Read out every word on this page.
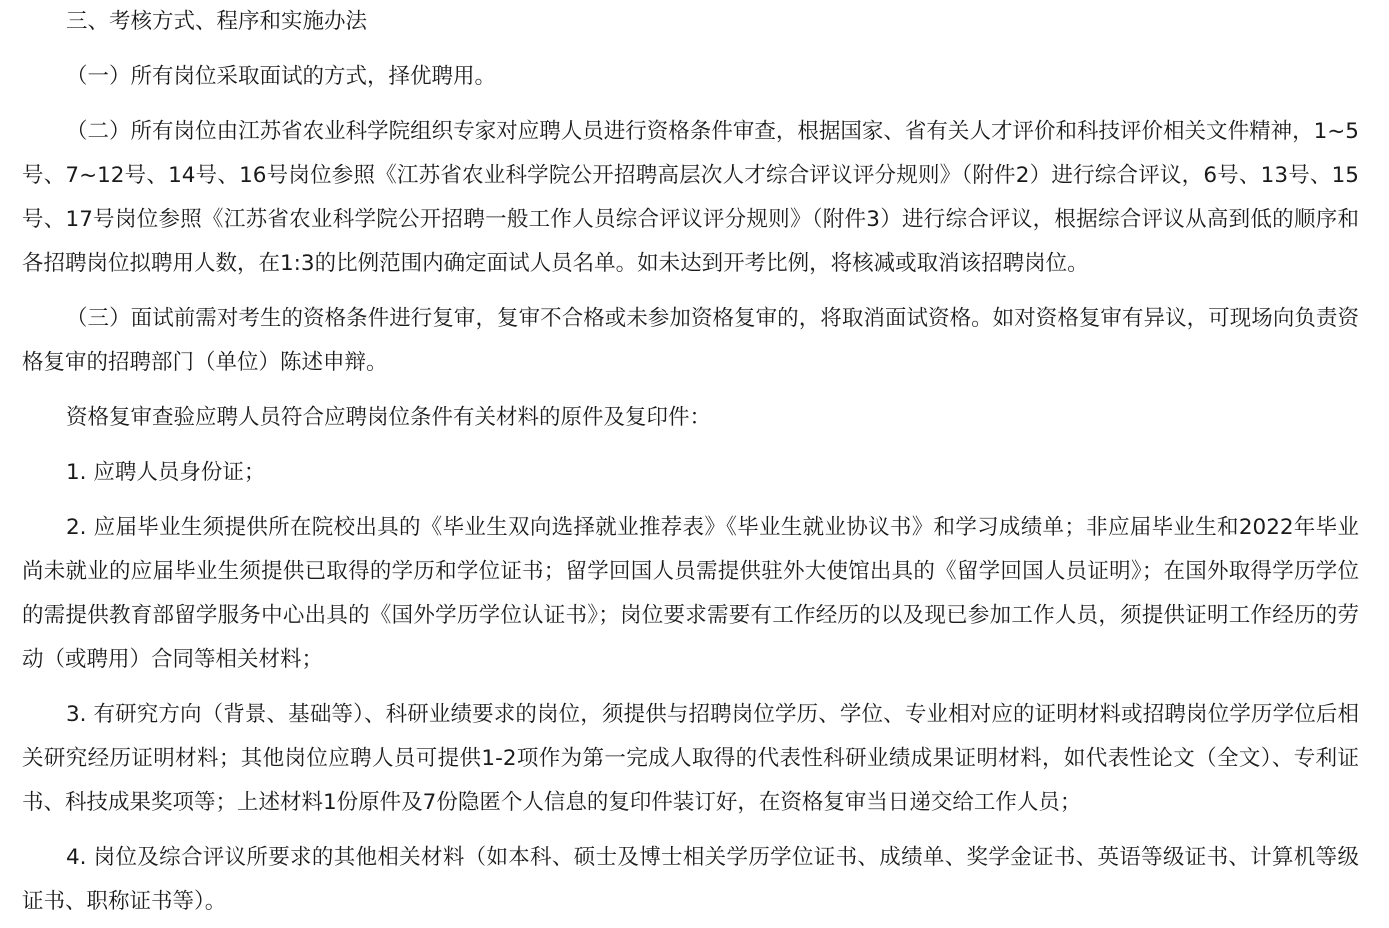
三、考核方式、程序和实施办法

（一）所有岗位采取面试的方式，择优聘用。

（二）所有岗位由江苏省农业科学院组织专家对应聘人员进行资格条件审查，根据国家、省有关人才评价和科技评价相关文件精神，1~5号、7~12号、14号、16号岗位参照《江苏省农业科学院公开招聘高层次人才综合评议评分规则》（附件2）进行综合评议，6号、13号、15号、17号岗位参照《江苏省农业科学院公开招聘一般工作人员综合评议评分规则》（附件3）进行综合评议，根据综合评议从高到低的顺序和各招聘岗位拟聘用人数，在1:3的比例范围内确定面试人员名单。如未达到开考比例，将核减或取消该招聘岗位。

（三）面试前需对考生的资格条件进行复审，复审不合格或未参加资格复审的，将取消面试资格。如对资格复审有异议，可现场向负责资格复审的招聘部门（单位）陈述申辩。

资格复审查验应聘人员符合应聘岗位条件有关材料的原件及复印件：

1. 应聘人员身份证；

2. 应届毕业生须提供所在院校出具的《毕业生双向选择就业推荐表》《毕业生就业协议书》和学习成绩单；非应届毕业生和2022年毕业尚未就业的应届毕业生须提供已取得的学历和学位证书；留学回国人员需提供驻外大使馆出具的《留学回国人员证明》；在国外取得学历学位的需提供教育部留学服务中心出具的《国外学历学位认证书》；岗位要求需要有工作经历的以及现已参加工作人员，须提供证明工作经历的劳动（或聘用）合同等相关材料；

3. 有研究方向（背景、基础等）、科研业绩要求的岗位，须提供与招聘岗位学历、学位、专业相对应的证明材料或招聘岗位学历学位后相关研究经历证明材料；其他岗位应聘人员可提供1-2项作为第一完成人取得的代表性科研业绩成果证明材料，如代表性论文（全文）、专利证书、科技成果奖项等；上述材料1份原件及7份隐匿个人信息的复印件装订好，在资格复审当日递交给工作人员；

4. 岗位及综合评议所要求的其他相关材料（如本科、硕士及博士相关学历学位证书、成绩单、奖学金证书、英语等级证书、计算机等级证书、职称证书等）。
